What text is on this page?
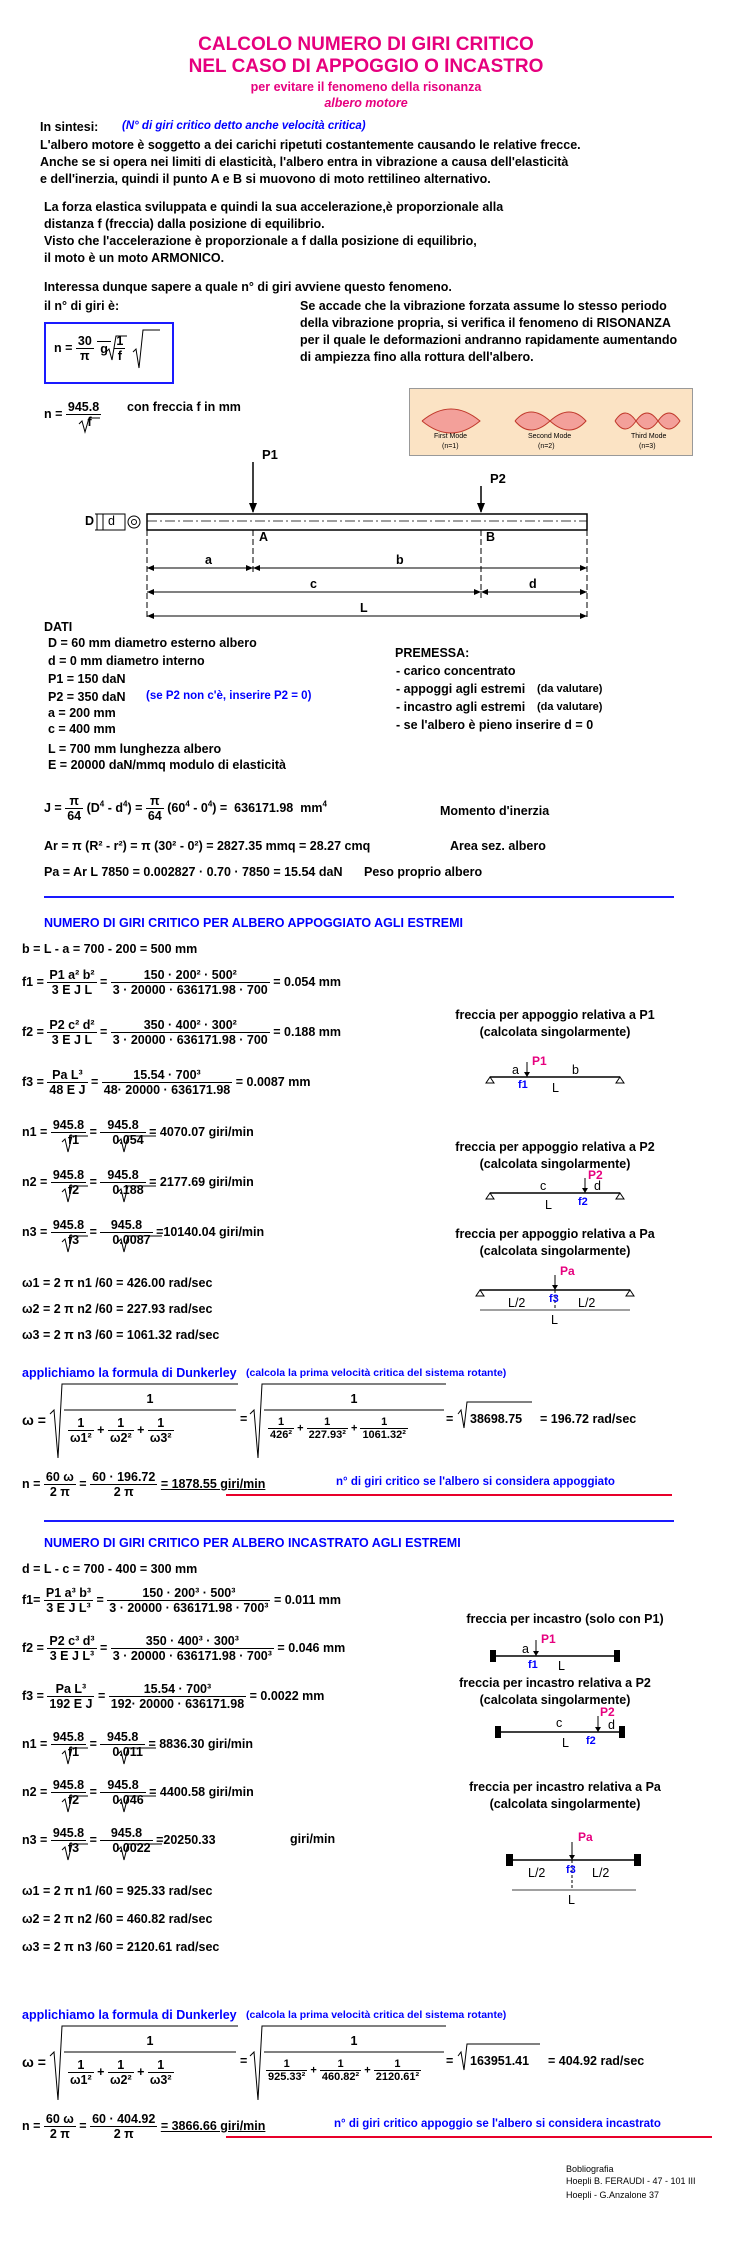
CALCOLO NUMERO DI GIRI CRITICO
NEL CASO DI APPOGGIO O INCASTRO
per evitare il fenomeno della risonanza
albero motore
In sintesi: (N° di giri critico detto anche velocità critica)
L'albero motore è soggetto a dei carichi ripetuti costantemente causando le relative frecce.
Anche se si opera nei limiti di elasticità, l'albero entra in vibrazione a causa dell'elasticità
e dell'inerzia, quindi il punto A e B si muovono di moto rettilineo alternativo.
La forza elastica sviluppata e quindi la sua accelerazione,è proporzionale alla
distanza f (freccia) dalla posizione di equilibrio.
Visto che l'accelerazione è proporzionale a f dalla posizione di equilibrio,
il moto è un moto ARMONICO.
Interessa dunque sapere a quale n° di giri avviene questo fenomeno.
il n° di giri è:	Se accade che la vibrazione forzata assume lo stesso periodo
della vibrazione propria, si verifica il fenomeno di RISONANZA
per il quale le deformazioni andranno rapidamente aumentando
di ampiezza fino alla rottura dell'albero.
$n = \frac{30}{\pi}$ g $\frac{1}{f}$
$n = \frac{945.8}{f}$ con freccia f in mm
First Mode
(n=1)
Second Mode
(n=2)
Third Mode
(n=3)
P1
P2
A	B
a	b
c	d
L
D d
DATI
D = 60 mm diametro esterno albero
d = 0 mm diametro interno
P1 = 150 daN
P2 = 350 daN (se P2 non c'è, inserire P2 = 0)
a = 200 mm
c = 400 mm
L = 700 mm lunghezza albero
E = 20000 daN/mmq modulo di elasticità
PREMESSA:
- carico concentrato
- appoggi agli estremi (da valutare)
- incastro agli estremi (da valutare)
- se l'albero è pieno inserire d = 0
$J = \frac{\pi}{64} (D^4 - d^4) = \frac{\pi}{64} (60^4 - 0^4) = 636171.98$ $mm^4$	Momento d'inerzia
Ar = π (R² - r²) = π (30² - 0²) = 2827.35 mmq = 28.27 cmq	Area sez. albero
Pa = Ar L 7850 = 0.002827 · 0.70 · 7850 = 15.54 daN Peso proprio albero
NUMERO DI GIRI CRITICO PER ALBERO APPOGGIATO AGLI ESTREMI
b = L - a = 700 - 200 = 500 mm
$f1 = \frac{\text{P1 a² b²}}{\text{3 E J L}} = \frac{\text{150 · 200² · 500²}}{3 \cdot 20000 \cdot 636171.98 \cdot 700} = 0.054$ mm
$f2 = \frac{\text{P2 c² d²}}{\text{3 E J L}} = \frac{\text{350 · 400² · 300²}}{3 \cdot 20000 \cdot 636171.98 \cdot 700} = 0.188$ mm
$f3 = \frac{\text{Pa L³}}{\text{48 E J}} = \frac{\text{15.54 · 700³}}{48\cdot 20000 \cdot 636171.98} = 0.0087$ mm
$n1 = \frac{945.8}{f1} = \frac{945.8}{0.054} = 4070.07$ giri/min
$n2 = \frac{945.8}{f2} = \frac{945.8}{0.188} = 2177.69$ giri/min
$n3 = \frac{945.8}{f3} = \frac{945.8}{0.0087} =10140.04$ giri/min
ω1 = 2 π n1 /60 = 426.00 rad/sec
ω2 = 2 π n2 /60 = 227.93 rad/sec
ω3 = 2 π n3 /60 = 1061.32 rad/sec
freccia per appoggio relativa a P1
(calcolata singolarmente)
freccia per appoggio relativa a P2
(calcolata singolarmente)
freccia per appoggio relativa a Pa
(calcolata singolarmente)
P1
a	b
f1 L
P2
c	d
f2
L
Pa
f3
L/2	L/2
L
applichiamo la formula di Dunkerley (calcola la prima velocità critica del sistema rotante)
ω =
1
$\frac{1}{\text{ω1²}} + \frac{1}{\text{ω2²}} + \frac{1}{\text{ω3²}}$	=
1
$\frac{1}{\text{426²}} + \frac{1}{\text{227.93²}} + \frac{1}{\text{1061.32²}}$	= 38698.75 = 196.72 rad/sec
$n = \frac{60 \omega}{2 \pi} = \frac{60 \cdot 196.72}{2 \pi} = 1878.55$ giri/min	n° di giri critico se l'albero si considera appoggiato
NUMERO DI GIRI CRITICO PER ALBERO INCASTRATO AGLI ESTREMI
d = L - c = 700 - 400 = 300 mm
$f1= \frac{\text{P1 a³ b³}}{\text{3 E J L³}} = \frac{\text{150 · 200³ · 500³}}{\text{3 · 20000 · 636171.98 · 700³}} = 0.011$ mm
$f2 = \frac{\text{P2 c³ d³}}{\text{3 E J L³}} = \frac{\text{350 · 400³ · 300³}}{\text{3 · 20000 · 636171.98 · 700³}} = 0.046$ mm
$f3 = \frac{\text{Pa L³}}{\text{192 E J}} = \frac{\text{15.54 · 700³}}{192\cdot 20000 \cdot 636171.98} = 0.0022$ mm
$n1 = \frac{945.8}{f1} = \frac{945.8}{0.011} = 8836.30$ giri/min
$n2 = \frac{945.8}{f2} = \frac{945.8}{0.046} = 4400.58$ giri/min
$n3 = \frac{945.8}{f3} = \frac{945.8}{0.0022} =20250.33$	giri/min
ω1 = 2 π n1 /60 = 925.33 rad/sec
ω2 = 2 π n2 /60 = 460.82 rad/sec
ω3 = 2 π n3 /60 = 2120.61 rad/sec
freccia per incastro (solo con P1)
freccia per incastro relativa a P2
(calcolata singolarmente)
freccia per incastro relativa a Pa
(calcolata singolarmente)
P1
a
f1 L
P2
c	d
L f2
Pa
L/2 f3 L/2
L
applichiamo la formula di Dunkerley (calcola la prima velocità critica del sistema rotante)
ω =
1
$\frac{1}{\text{ω1²}} + \frac{1}{\text{ω2²}} + \frac{1}{\text{ω3²}}$	=
1
$\frac{1}{\text{925.33²}} + \frac{1}{\text{460.82²}} + \frac{1}{\text{2120.61²}} = 163951.41 = 404.92$ rad/sec
$n = \frac{60 \omega}{2 \pi} = \frac{60 \cdot 404.92}{2 \pi} = 3866.66$ giri/min	n° di giri critico appoggio se l'albero si considera incastrato
Bobliografia
Hoepli B. FERAUDI - 47 - 101 III
Hoepli - G.Anzalone 37
